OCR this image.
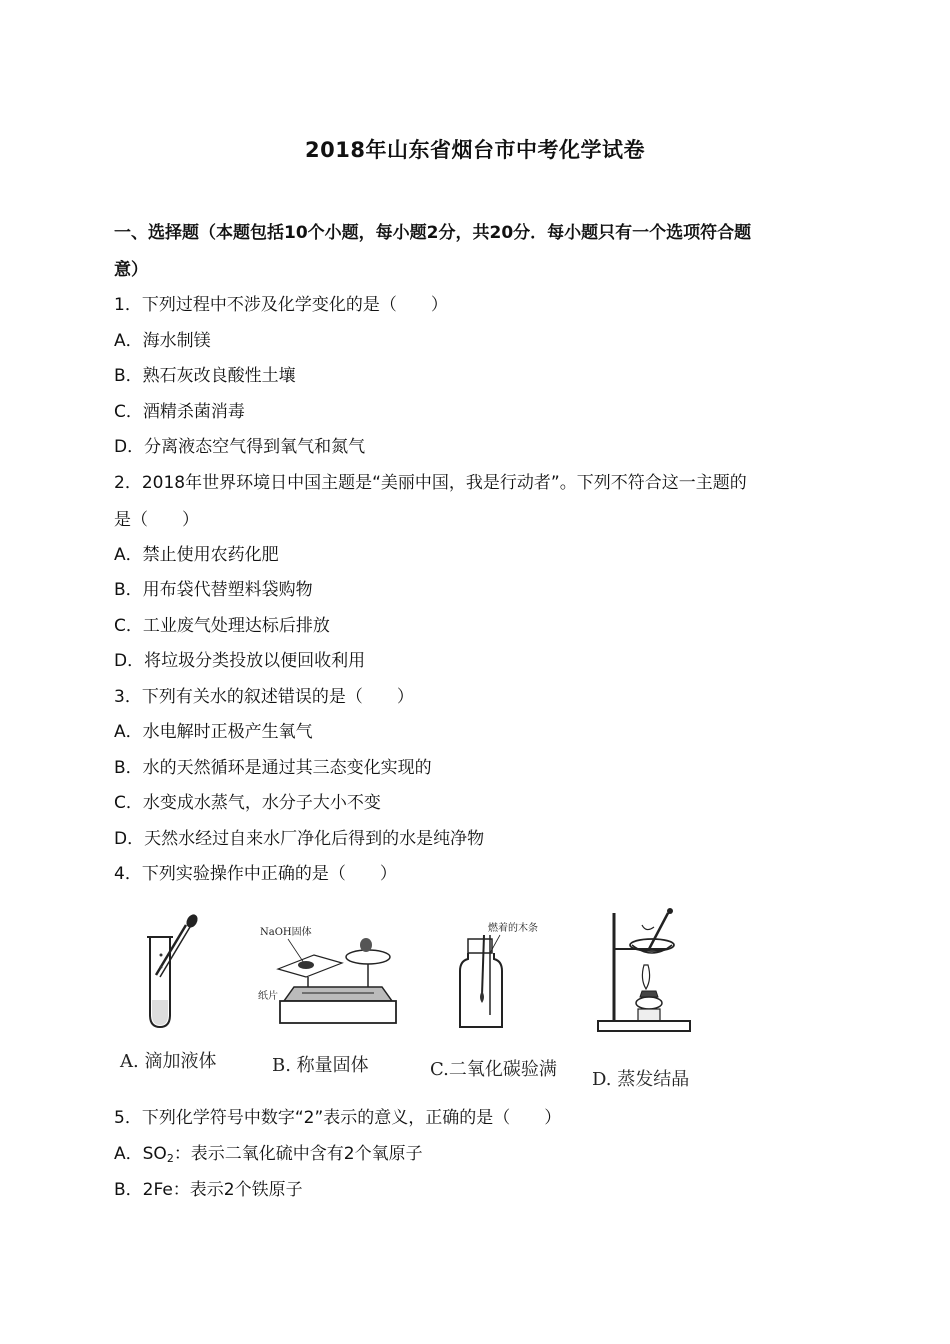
2018年山东省烟台市中考化学试卷
一、选择题（本题包括10个小题，每小题2分，共20分．每小题只有一个选项符合题
意）
1．下列过程中不涉及化学变化的是（　　）
A．海水制镁
B．熟石灰改良酸性土壤
C．酒精杀菌消毒
D．分离液态空气得到氧气和氮气
2．2018年世界环境日中国主题是“美丽中国，我是行动者”。下列不符合这一主题的
是（　　）
A．禁止使用农药化肥
B．用布袋代替塑料袋购物
C．工业废气处理达标后排放
D．将垃圾分类投放以便回收利用
3．下列有关水的叙述错误的是（　　）
A．水电解时正极产生氧气
B．水的天然循环是通过其三态变化实现的
C．水变成水蒸气，水分子大小不变
D．天然水经过自来水厂净化后得到的水是纯净物
4．下列实验操作中正确的是（　　）
A. 滴加液体
NaOH固体
纸片
B. 称量固体
燃着的木条
C.二氧化碳验满 D. 蒸发结晶
5．下列化学符号中数字“2”表示的意义，正确的是（　　）
A．$SO_2$：表示二氧化硫中含有2个氧原子
B．2Fe：表示2个铁原子
